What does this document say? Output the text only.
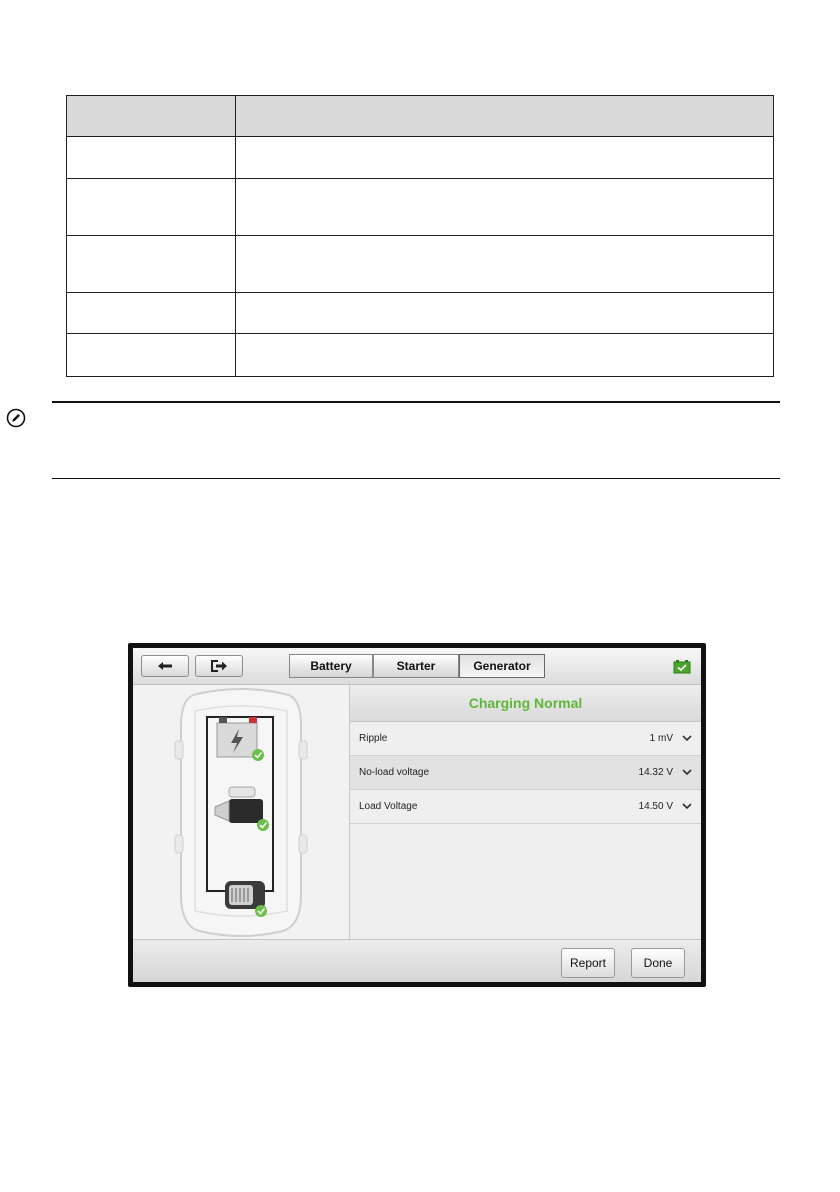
Battery	Starter	Generator
Charging Normal
Ripple	1 mV
No-load voltage	14.32 V
Load Voltage	14.50 V
Report	Done
